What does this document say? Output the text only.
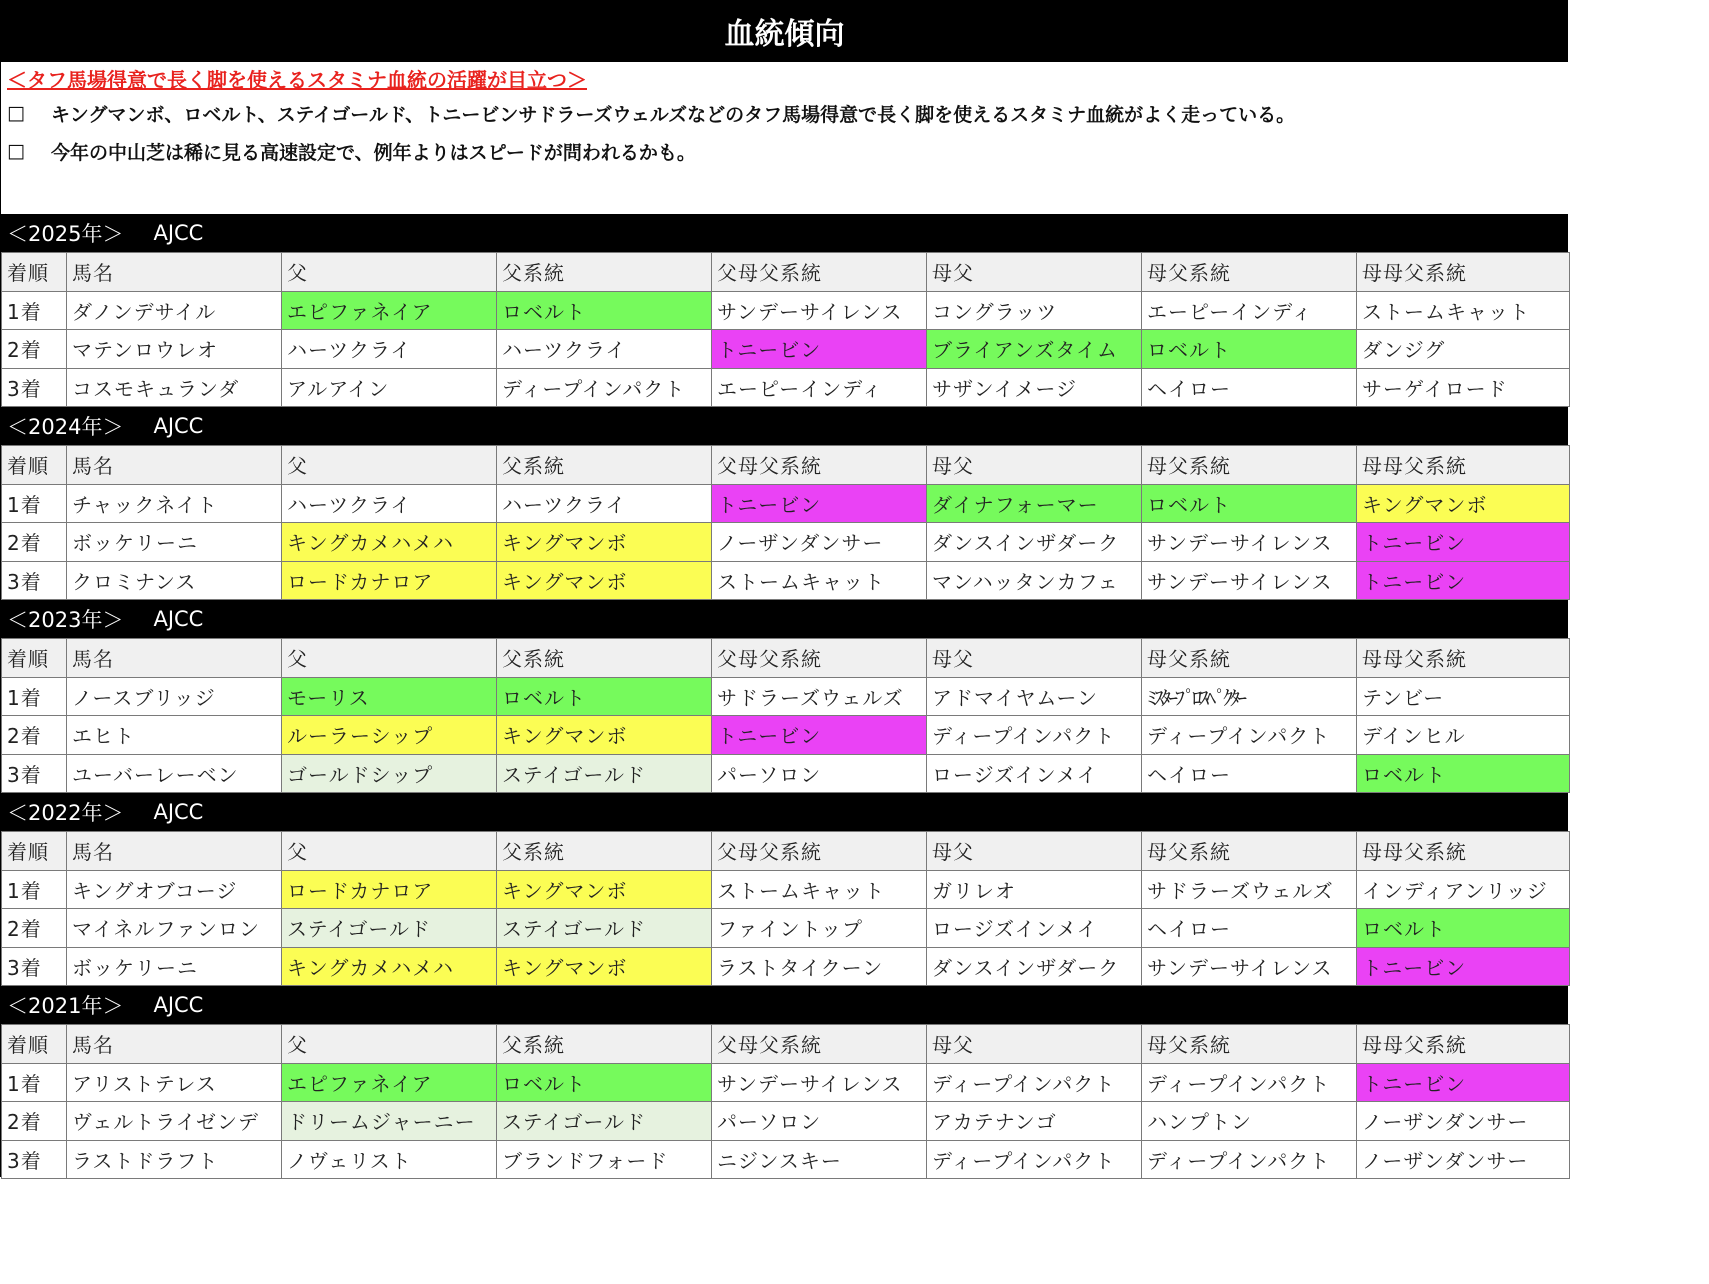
血統傾向
＜タフ馬場得意で長く脚を使えるスタミナ血統の活躍が目立つ＞
□	キングマンボ、ロベルト、ステイゴールド、トニービンサドラーズウェルズなどのタフ馬場得意で長く脚を使えるスタミナ血統がよく走っている。
□	今年の中山芝は稀に見る高速設定で、例年よりはスピードが問われるかも。
＜2025年＞ AJCC
着順	馬名	父	父系統	父母父系統	母父	母父系統	母母父系統
1着	ダノンデサイル	エピファネイア	ロベルト	サンデーサイレンス	コングラッツ	エーピーインディ	ストームキャット
2着	マテンロウレオ	ハーツクライ	ハーツクライ	トニービン	ブライアンズタイム	ロベルト	ダンジグ
3着	コスモキュランダ	アルアイン	ディープインパクト	エーピーインディ	サザンイメージ	ヘイロー	サーゲイロード
＜2024年＞ AJCC
着順	馬名	父	父系統	父母父系統	母父	母父系統	母母父系統
1着	チャックネイト	ハーツクライ	ハーツクライ	トニービン	ダイナフォーマー	ロベルト	キングマンボ
2着	ボッケリーニ	キングカメハメハ	キングマンボ	ノーザンダンサー	ダンスインザダーク	サンデーサイレンス	トニービン
3着	クロミナンス	ロードカナロア	キングマンボ	ストームキャット	マンハッタンカフェ	サンデーサイレンス	トニービン
＜2023年＞ AJCC
着順	馬名	父	父系統	父母父系統	母父	母父系統	母母父系統
1着	ノースブリッジ	モーリス	ロベルト	サドラーズウェルズ	アドマイヤムーン	ﾐｽﾀｰﾌﾟﾛｽﾍﾟｸﾀｰ	テンビー
2着	エヒト	ルーラーシップ	キングマンボ	トニービン	ディープインパクト	ディープインパクト	デインヒル
3着	ユーバーレーベン	ゴールドシップ	ステイゴールド	パーソロン	ロージズインメイ	ヘイロー	ロベルト
＜2022年＞ AJCC
着順	馬名	父	父系統	父母父系統	母父	母父系統	母母父系統
1着	キングオブコージ	ロードカナロア	キングマンボ	ストームキャット	ガリレオ	サドラーズウェルズ	インディアンリッジ
2着	マイネルファンロン	ステイゴールド	ステイゴールド	ファイントップ	ロージズインメイ	ヘイロー	ロベルト
3着	ボッケリーニ	キングカメハメハ	キングマンボ	ラストタイクーン	ダンスインザダーク	サンデーサイレンス	トニービン
＜2021年＞ AJCC
着順	馬名	父	父系統	父母父系統	母父	母父系統	母母父系統
1着	アリストテレス	エピファネイア	ロベルト	サンデーサイレンス	ディープインパクト	ディープインパクト	トニービン
2着	ヴェルトライゼンデ	ドリームジャーニー	ステイゴールド	パーソロン	アカテナンゴ	ハンプトン	ノーザンダンサー
3着	ラストドラフト	ノヴェリスト	ブランドフォード	ニジンスキー	ディープインパクト	ディープインパクト	ノーザンダンサー
